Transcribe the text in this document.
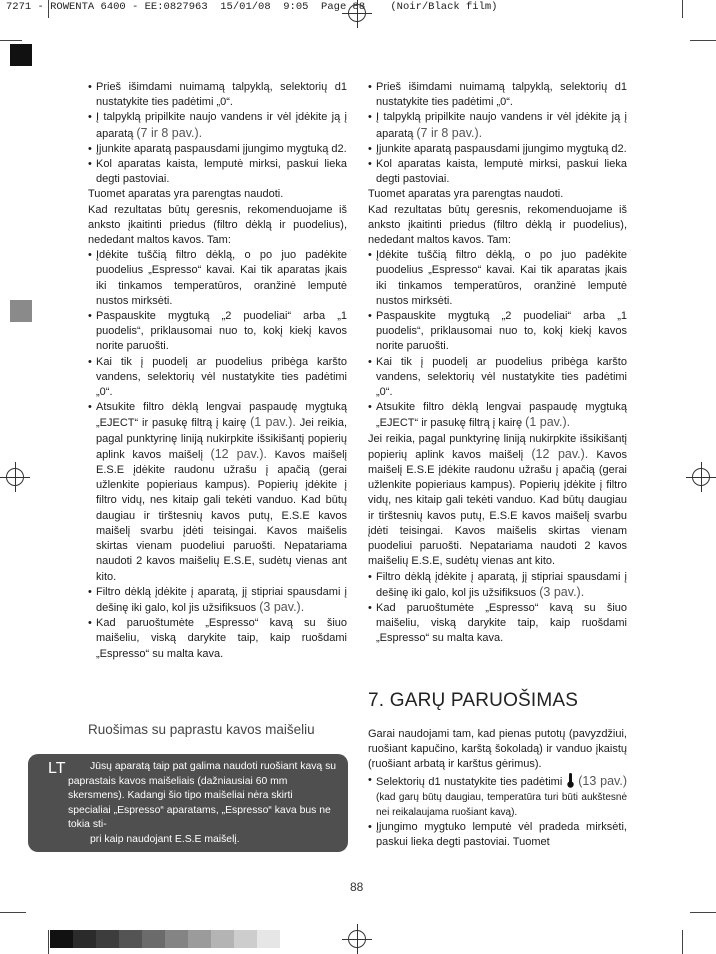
7271 - ROWENTA 6400 - EE:0827963  15/01/08  9:05  Page 88    (Noir/Black film)

• Prieš išimdami nuimamą talpyklą, selektorių d1 nustatykite ties padėtimi „0“.

• Į talpyklą pripilkite naujo vandens ir vėl įdėkite ją į aparatą (7 ir 8 pav.).

• Įjunkite aparatą paspausdami įjungimo mygtuką d2.

• Kol aparatas kaista, lemputė mirksi, paskui lieka degti pastoviai.

Tuomet aparatas yra parengtas naudoti.

Kad rezultatas būtų geresnis, rekomenduojame iš anksto įkaitinti priedus (filtro dėklą ir puodelius), nededant maltos kavos. Tam:

• Įdėkite tuščią filtro dėklą, o po juo padėkite puodelius „Espresso“ kavai. Kai tik aparatas įkais iki tinkamos temperatūros, oranžinė lemputė nustos mirksėti.

• Paspauskite mygtuką „2 puodeliai“ arba „1 puodelis“, priklausomai nuo to, kokį kiekį kavos norite paruošti.

• Kai tik į puodelį ar puodelius pribėga karšto vandens, selektorių vėl nustatykite ties padėtimi „0“.

• Atsukite filtro dėklą lengvai paspaudę mygtuką „EJECT“ ir pasukę filtrą į kairę (1 pav.). Jei reikia, pagal punktyrinę liniją nukirpkite išsikišantį popierių aplink kavos maišelį (12 pav.). Kavos maišelį E.S.E įdėkite raudonu užrašu į apačią (gerai užlenkite popieriaus kampus). Popierių įdėkite į filtro vidų, nes kitaip gali tekėti vanduo. Kad būtų daugiau ir tirštesnių kavos putų, E.S.E kavos maišelį svarbu įdėti teisingai. Kavos maišelis skirtas vienam puodeliui paruošti. Nepatariama naudoti 2 kavos maišelių E.S.E, sudėtų vienas ant kito.

• Filtro dėklą įdėkite į aparatą, jį stipriai spausdami į dešinę iki galo, kol jis užsifiksuos (3 pav.).

• Kad paruoštumėte „Espresso“ kavą su šiuo maišeliu, viską darykite taip, kaip ruošdami „Espresso“ su malta kava.

Ruošimas su paprastu kavos maišeliu
LT	Jūsų aparatą taip pat galima naudoti ruošiant kavą su paprastais kavos maišeliais (dažniausiai 60 mm skersmens). Kadangi šio tipo maišeliai nėra skirti specialiai „Espresso“ aparatams, „Espresso“ kava bus ne tokia sti-

pri kaip naudojant E.S.E maišelį.

• Prieš išimdami nuimamą talpyklą, selektorių d1 nustatykite ties padėtimi „0“.

• Į talpyklą pripilkite naujo vandens ir vėl įdėkite ją į aparatą (7 ir 8 pav.).

• Įjunkite aparatą paspausdami įjungimo mygtuką d2.

• Kol aparatas kaista, lemputė mirksi, paskui lieka degti pastoviai.

Tuomet aparatas yra parengtas naudoti.

Kad rezultatas būtų geresnis, rekomenduojame iš anksto įkaitinti priedus (filtro dėklą ir puodelius), nededant maltos kavos. Tam:

• Įdėkite tuščią filtro dėklą, o po juo padėkite puodelius „Espresso“ kavai. Kai tik aparatas įkais iki tinkamos temperatūros, oranžinė lemputė nustos mirksėti.

• Paspauskite mygtuką „2 puodeliai“ arba „1 puodelis“, priklausomai nuo to, kokį kiekį kavos norite paruošti.

• Kai tik į puodelį ar puodelius pribėga karšto vandens, selektorių vėl nustatykite ties padėtimi „0“.

• Atsukite filtro dėklą lengvai paspaudę mygtuką „EJECT“ ir pasukę filtrą į kairę (1 pav.).

Jei reikia, pagal punktyrinę liniją nukirpkite išsikišantį popierių aplink kavos maišelį (12 pav.). Kavos maišelį E.S.E įdėkite raudonu užrašu į apačią (gerai užlenkite popieriaus kampus). Popierių įdėkite į filtro vidų, nes kitaip gali tekėti vanduo. Kad būtų daugiau ir tirštesnių kavos putų, E.S.E kavos maišelį svarbu įdėti teisingai. Kavos maišelis skirtas vienam puodeliui paruošti. Nepatariama naudoti 2 kavos maišelių E.S.E, sudėtų vienas ant kito.

• Filtro dėklą įdėkite į aparatą, jį stipriai spausdami į dešinę iki galo, kol jis užsifiksuos (3 pav.).

• Kad paruoštumėte „Espresso“ kavą su šiuo maišeliu, viską darykite taip, kaip ruošdami „Espresso“ su malta kava.

7. GARŲ PARUOŠIMAS

Garai naudojami tam, kad pienas putotų (pavyzdžiui, ruošiant kapučino, karštą šokoladą) ir vanduo įkaistų (ruošiant arbatą ir karštus gėrimus).

• Selektorių d1 nustatykite ties padėtimi (13 pav.) (kad garų būtų daugiau, temperatūra turi būti aukštesnė nei reikalaujama ruošiant kavą).

• Įjungimo mygtuko lemputė vėl pradeda mirksėti, paskui lieka degti pastoviai. Tuomet

88
